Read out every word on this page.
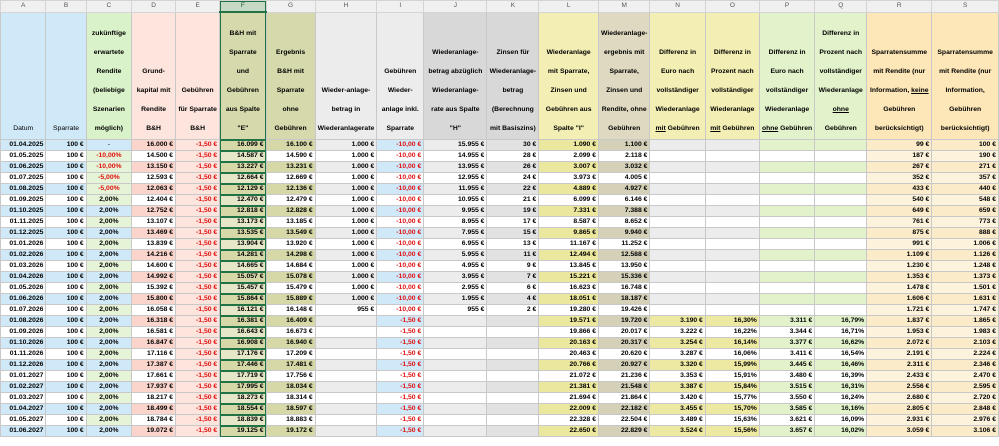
A	B	C	D	E	F	G	H	I	J	K	L	M	N	O	P	Q	R	S
Datum	Sparrate	zukünftige erwartete Rendite (beliebige Szenarien möglich)	Grund-kapital mit Rendite B&H	Gebühren für Sparrate B&H	B&H mit Sparrate und Gebühren aus Spalte "E"	Ergebnis B&H mit Sparrate ohne Gebühren	Wieder-anlage-betrag in Wiederanlagerate	Gebühren Wieder-anlage inkl. Sparrate	Wiederanlage-betrag abzüglich Wiederanlage-rate aus Spalte "H"	Zinsen für Wiederanlage-betrag (Berechnung mit Basiszins)	Wiederanlage mit Sparrate, Zinsen und Gebühren aus Spalte "I"	Wiederanlage-ergebnis mit Sparrate, Zinsen und Rendite, ohne Gebühren	Differenz in Euro nach vollständiger Wiederanlage mit Gebühren	Differenz in Prozent nach vollständiger Wiederanlage mit Gebühren	Differenz in Euro nach vollständiger Wiederanlage ohne Gebühren	Differenz in Prozent nach vollständiger Wiederanlage ohne Gebühren	Sparratensumme mit Rendite (nur Information, keine Gebühren berücksichtigt)	Sparratensumme mit Rendite (nur Information, Gebühren berücksichtigt)
01.04.2025	100 €	-	16.000 €	-1,50 €	16.099 €	16.100 €	1.000 €	-10,00 €	15.955 €	30 €	1.090 €	1.100 €					99 €	100 €
01.05.2025	100 €	-10,00%	14.500 €	-1,50 €	14.587 €	14.590 €	1.000 €	-10,00 €	14.955 €	28 €	2.099 €	2.118 €					187 €	190 €
01.06.2025	100 €	-10,00%	13.150 €	-1,50 €	13.227 €	13.231 €	1.000 €	-10,00 €	13.955 €	26 €	3.007 €	3.032 €					267 €	271 €
01.07.2025	100 €	-5,00%	12.593 €	-1,50 €	12.664 €	12.669 €	1.000 €	-10,00 €	12.955 €	24 €	3.973 €	4.005 €					352 €	357 €
01.08.2025	100 €	-5,00%	12.063 €	-1,50 €	12.129 €	12.136 €	1.000 €	-10,00 €	11.955 €	22 €	4.889 €	4.927 €					433 €	440 €
01.09.2025	100 €	2,00%	12.404 €	-1,50 €	12.470 €	12.479 €	1.000 €	-10,00 €	10.955 €	21 €	6.099 €	6.146 €					540 €	548 €
01.10.2025	100 €	2,00%	12.752 €	-1,50 €	12.818 €	12.828 €	1.000 €	-10,00 €	9.955 €	19 €	7.331 €	7.388 €					649 €	659 €
01.11.2025	100 €	2,00%	13.107 €	-1,50 €	13.173 €	13.185 €	1.000 €	-10,00 €	8.955 €	17 €	8.587 €	8.652 €					761 €	773 €
01.12.2025	100 €	2,00%	13.469 €	-1,50 €	13.535 €	13.549 €	1.000 €	-10,00 €	7.955 €	15 €	9.865 €	9.940 €					875 €	888 €
01.01.2026	100 €	2,00%	13.839 €	-1,50 €	13.904 €	13.920 €	1.000 €	-10,00 €	6.955 €	13 €	11.167 €	11.252 €					991 €	1.006 €
01.02.2026	100 €	2,00%	14.216 €	-1,50 €	14.281 €	14.298 €	1.000 €	-10,00 €	5.955 €	11 €	12.494 €	12.588 €					1.109 €	1.126 €
01.03.2026	100 €	2,00%	14.600 €	-1,50 €	14.665 €	14.684 €	1.000 €	-10,00 €	4.955 €	9 €	13.845 €	13.950 €					1.230 €	1.248 €
01.04.2026	100 €	2,00%	14.992 €	-1,50 €	15.057 €	15.078 €	1.000 €	-10,00 €	3.955 €	7 €	15.221 €	15.336 €					1.353 €	1.373 €
01.05.2026	100 €	2,00%	15.392 €	-1,50 €	15.457 €	15.479 €	1.000 €	-10,00 €	2.955 €	6 €	16.623 €	16.748 €					1.478 €	1.501 €
01.06.2026	100 €	2,00%	15.800 €	-1,50 €	15.864 €	15.889 €	1.000 €	-10,00 €	1.955 €	4 €	18.051 €	18.187 €					1.606 €	1.631 €
01.07.2026	100 €	2,00%	16.058 €	-1,50 €	16.121 €	16.148 €	955 €	-10,00 €	955 €	2 €	19.280 €	19.426 €					1.721 €	1.747 €
01.08.2026	100 €	2,00%	16.318 €	-1,50 €	16.381 €	16.409 €		-1,50 €			19.571 €	19.720 €	3.190 €	16,30%	3.311 €	16,79%	1.837 €	1.865 €
01.09.2026	100 €	2,00%	16.581 €	-1,50 €	16.643 €	16.673 €		-1,50 €			19.866 €	20.017 €	3.222 €	16,22%	3.344 €	16,71%	1.953 €	1.983 €
01.10.2026	100 €	2,00%	16.847 €	-1,50 €	16.908 €	16.940 €		-1,50 €			20.163 €	20.317 €	3.254 €	16,14%	3.377 €	16,62%	2.072 €	2.103 €
01.11.2026	100 €	2,00%	17.116 €	-1,50 €	17.176 €	17.209 €		-1,50 €			20.463 €	20.620 €	3.287 €	16,06%	3.411 €	16,54%	2.191 €	2.224 €
01.12.2026	100 €	2,00%	17.387 €	-1,50 €	17.446 €	17.481 €		-1,50 €			20.766 €	20.927 €	3.320 €	15,99%	3.445 €	16,46%	2.311 €	2.346 €
01.01.2027	100 €	2,00%	17.661 €	-1,50 €	17.719 €	17.756 €		-1,50 €			21.072 €	21.236 €	3.353 €	15,91%	3.480 €	16,39%	2.433 €	2.470 €
01.02.2027	100 €	2,00%	17.937 €	-1,50 €	17.995 €	18.034 €		-1,50 €			21.381 €	21.548 €	3.387 €	15,84%	3.515 €	16,31%	2.556 €	2.595 €
01.03.2027	100 €	2,00%	18.217 €	-1,50 €	18.273 €	18.314 €		-1,50 €			21.694 €	21.864 €	3.420 €	15,77%	3.550 €	16,24%	2.680 €	2.720 €
01.04.2027	100 €	2,00%	18.499 €	-1,50 €	18.554 €	18.597 €		-1,50 €			22.009 €	22.182 €	3.455 €	15,70%	3.585 €	16,16%	2.805 €	2.848 €
01.05.2027	100 €	2,00%	18.784 €	-1,50 €	18.839 €	18.883 €		-1,50 €			22.328 €	22.504 €	3.489 €	15,63%	3.621 €	16,09%	2.931 €	2.976 €
01.06.2027	100 €	2,00%	19.072 €	-1,50 €	19.125 €	19.172 €		-1,50 €			22.650 €	22.829 €	3.524 €	15,56%	3.657 €	16,02%	3.059 €	3.106 €
